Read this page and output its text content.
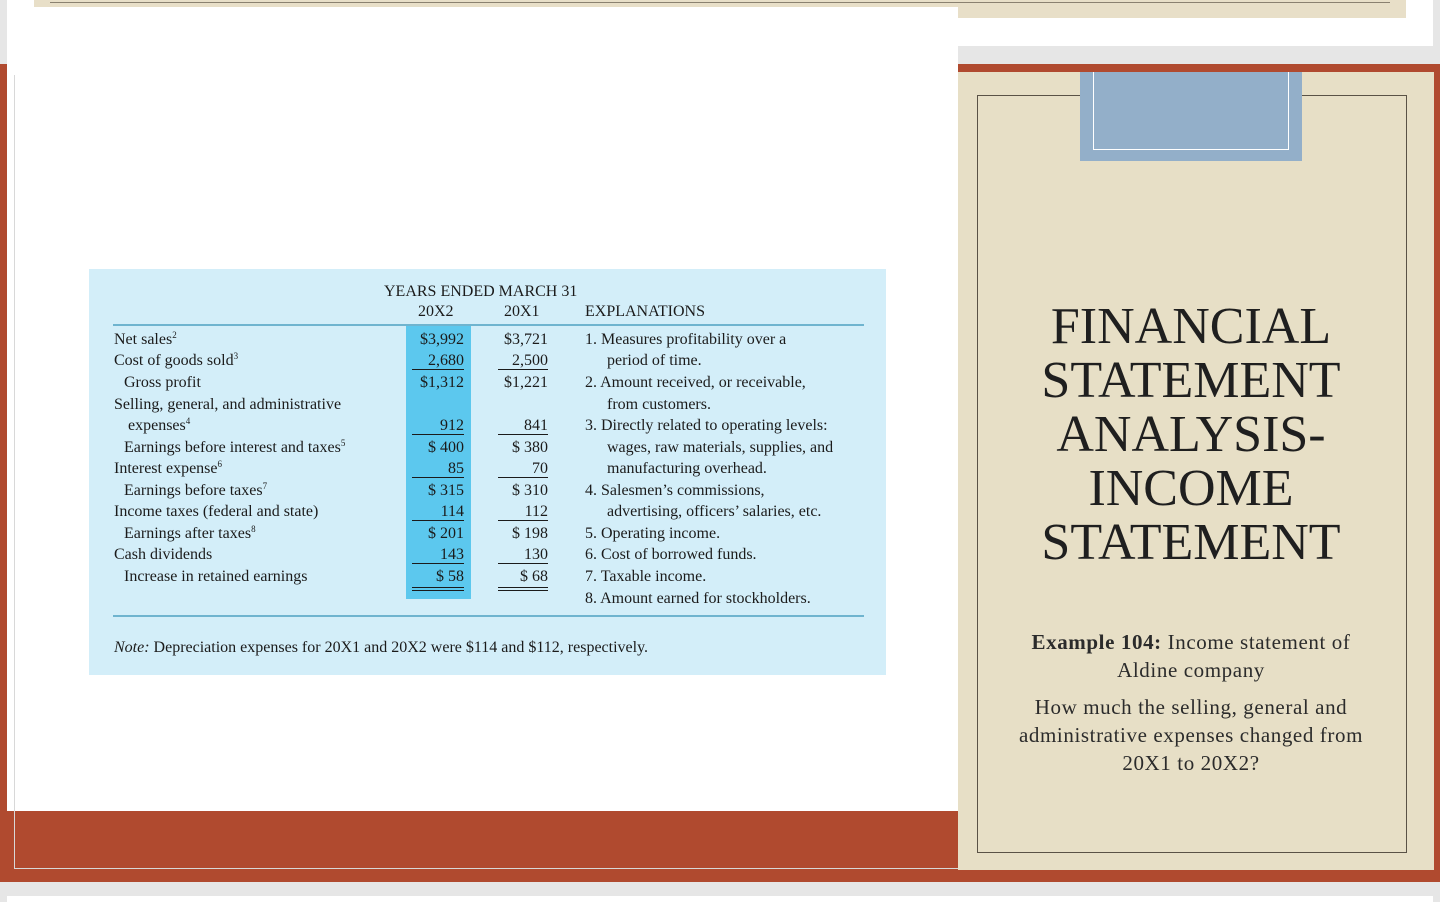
FINANCIAL STATEMENT ANALYSIS- INCOME STATEMENT

Example 104: Income statement of Aldine company

How much the selling, general and administrative expenses changed from 20X1 to 20X2?

YEARS ENDED MARCH 31
20X2	20X1	EXPLANATIONS
Net sales$^2$
Cost of goods sold$^3$
Gross profit
Selling, general, and administrative
expenses$^4$
Earnings before interest and taxes$^5$
Interest expense$^6$
Earnings before taxes$^7$
Income taxes (federal and state)
Earnings after taxes$^8$
Cash dividends
Increase in retained earnings
$3,992
2,680
$1,312
912
$ 400
85
$ 315
114
$ 201
143
$ 58
$3,721
2,500
$1,221
841
$ 380
70
$ 310
112
$ 198
130
$ 68
1. Measures profitability over a
period of time.
2. Amount received, or receivable,
from customers.
3. Directly related to operating levels:
wages, raw materials, supplies, and
manufacturing overhead.
4. Salesmen’s commissions,
advertising, officers’ salaries, etc.
5. Operating income.
6. Cost of borrowed funds.
7. Taxable income.
8. Amount earned for stockholders.
Note: Depreciation expenses for 20X1 and 20X2 were $114 and $112, respectively.
